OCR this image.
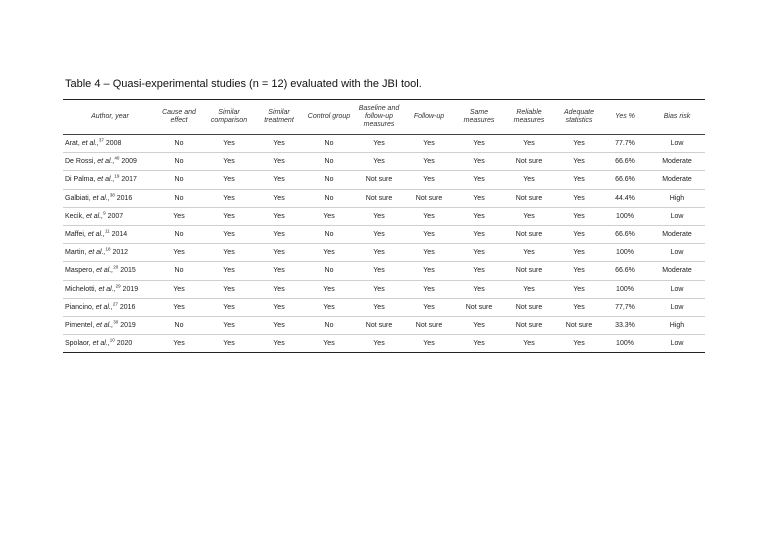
Table 4 – Quasi-experimental studies (n = 12) evaluated with the JBI tool.
Author, year	Cause and effect	Similar comparison	Similar treatment	Control group	Baseline and follow-up measures	Follow-up	Same measures	Reliable measures	Adequate statistics	Yes %	Bias risk
Arat, et al.,$^{37}$ 2008	No	Yes	Yes	No	Yes	Yes	Yes	Yes	Yes	77.7%	Low
De Rossi, et al.,$^{40}$ 2009	No	Yes	Yes	No	Yes	Yes	Yes	Not sure	Yes	66.6%	Moderate
Di Palma, et al.,$^{19}$ 2017	No	Yes	Yes	No	Not sure	Yes	Yes	Yes	Yes	66.6%	Moderate
Galbiati, et al.,$^{38}$ 2016	No	Yes	Yes	No	Not sure	Not sure	Yes	Not sure	Yes	44.4%	High
Kecik, et al.,$^9$ 2007	Yes	Yes	Yes	Yes	Yes	Yes	Yes	Yes	Yes	100%	Low
Maffei, et al.,$^{11}$ 2014	No	Yes	Yes	No	Yes	Yes	Yes	Not sure	Yes	66.6%	Moderate
Martin, et al.,$^{18}$ 2012	Yes	Yes	Yes	Yes	Yes	Yes	Yes	Yes	Yes	100%	Low
Maspero, et al.,$^{20}$ 2015	No	Yes	Yes	No	Yes	Yes	Yes	Not sure	Yes	66.6%	Moderate
Michelotti, et al.,$^{29}$ 2019	Yes	Yes	Yes	Yes	Yes	Yes	Yes	Yes	Yes	100%	Low
Piancino, et al.,$^{27}$ 2016	Yes	Yes	Yes	Yes	Yes	Yes	Not sure	Not sure	Yes	77,7%	Low
Pimentel, et al.,$^{30}$ 2019	No	Yes	Yes	No	Not sure	Not sure	Yes	Not sure	Not sure	33.3%	High
Spolaor, et al.,$^{10}$ 2020	Yes	Yes	Yes	Yes	Yes	Yes	Yes	Yes	Yes	100%	Low
